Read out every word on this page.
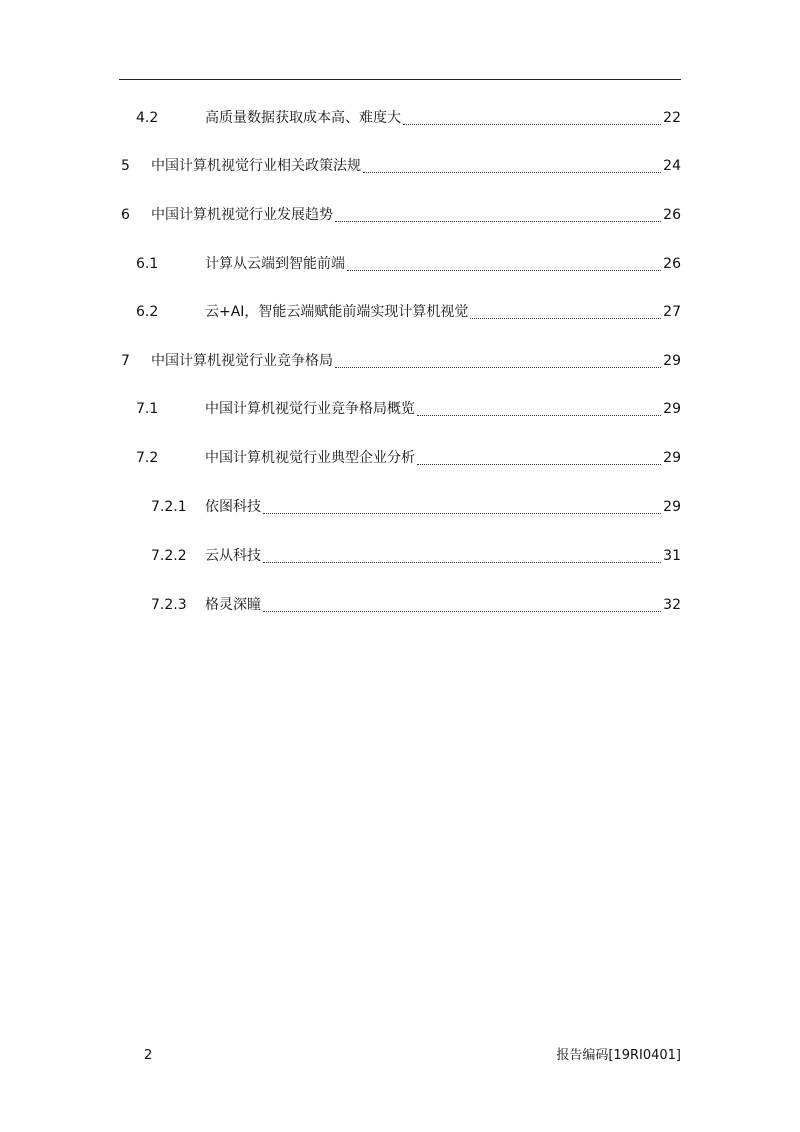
4.2	高质量数据获取成本高、难度大	22
5 中国计算机视觉行业相关政策法规	24
6 中国计算机视觉行业发展趋势	26
6.1	计算从云端到智能前端	26
6.2	云+AI，智能云端赋能前端实现计算机视觉	27
7 中国计算机视觉行业竞争格局	29
7.1	中国计算机视觉行业竞争格局概览	29
7.2	中国计算机视觉行业典型企业分析	29
7.2.1 依图科技	29
7.2.2 云从科技	31
7.2.3 格灵深瞳	32
2	报告编码[19RI0401]
